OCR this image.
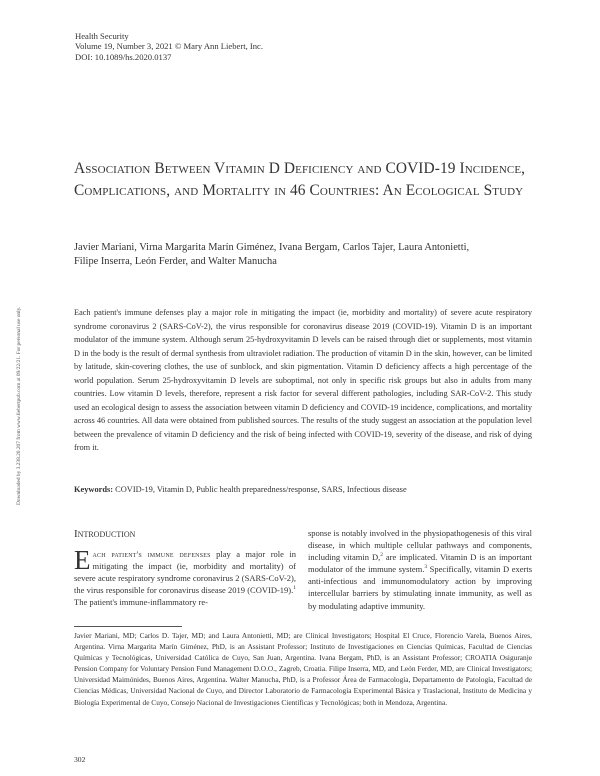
Health Security
Volume 19, Number 3, 2021 © Mary Ann Liebert, Inc.
DOI: 10.1089/hs.2020.0137
Downloaded by 3.238.20.207 from www.liebertpub.com at 09/22/21. For personal use only.
Association Between Vitamin D Deficiency and COVID-19 Incidence, Complications, and Mortality in 46 Countries: An Ecological Study
Javier Mariani, Virna Margarita Marín Giménez, Ivana Bergam, Carlos Tajer, Laura Antonietti,
Filipe Inserra, León Ferder, and Walter Manucha

Each patient's immune defenses play a major role in mitigating the impact (ie, morbidity and mortality) of severe acute respiratory syndrome coronavirus 2 (SARS-CoV-2), the virus responsible for coronavirus disease 2019 (COVID-19). Vitamin D is an important modulator of the immune system. Although serum 25-hydroxyvitamin D levels can be raised through diet or supplements, most vitamin D in the body is the result of dermal synthesis from ultraviolet radiation. The production of vitamin D in the skin, however, can be limited by latitude, skin-covering clothes, the use of sunblock, and skin pigmentation. Vitamin D deficiency affects a high percentage of the world population. Serum 25-hydroxyvitamin D levels are suboptimal, not only in specific risk groups but also in adults from many countries. Low vitamin D levels, therefore, represent a risk factor for several different pathologies, including SAR-CoV-2. This study used an ecological design to assess the association between vitamin D deficiency and COVID-19 incidence, complications, and mortality across 46 countries. All data were obtained from published sources. The results of the study suggest an association at the population level between the prevalence of vitamin D deficiency and the risk of being infected with COVID-19, severity of the disease, and risk of dying from it.

Keywords: COVID-19, Vitamin D, Public health preparedness/response, SARS, Infectious disease
Introduction

Each patient's immune defenses play a major role in mitigating the impact (ie, morbidity and mortality) of severe acute respiratory syndrome coronavirus 2 (SARS-CoV-2), the virus responsible for coronavirus disease 2019 (COVID-19).$^1$ The patient's immune-inflammatory re-

sponse is notably involved in the physiopathogenesis of this viral disease, in which multiple cellular pathways and components, including vitamin D,$^2$ are implicated. Vitamin D is an important modulator of the immune system.$^3$ Specifically, vitamin D exerts anti-infectious and immunomodulatory action by improving intercellular barriers by stimulating innate immunity, as well as by modulating adaptive immunity.

Javier Mariani, MD; Carlos D. Tajer, MD; and Laura Antonietti, MD; are Clinical Investigators; Hospital El Cruce, Florencio Varela, Buenos Aires, Argentina. Virna Margarita Marín Giménez, PhD, is an Assistant Professor; Instituto de Investigaciones en Ciencias Químicas, Facultad de Ciencias Químicas y Tecnológicas, Universidad Católica de Cuyo, San Juan, Argentina. Ivana Bergam, PhD, is an Assistant Professor; CROATIA Osiguranje Pension Company for Voluntary Pension Fund Management D.O.O., Zagreb, Croatia. Filipe Inserra, MD, and León Ferder, MD, are Clinical Investigators; Universidad Maimónides, Buenos Aires, Argentina. Walter Manucha, PhD, is a Professor Área de Farmacología, Departamento de Patología, Facultad de Ciencias Médicas, Universidad Nacional de Cuyo, and Director Laboratorio de Farmacología Experimental Básica y Traslacional, Instituto de Medicina y Biología Experimental de Cuyo, Consejo Nacional de Investigaciones Científicas y Tecnológicas; both in Mendoza, Argentina.

302
